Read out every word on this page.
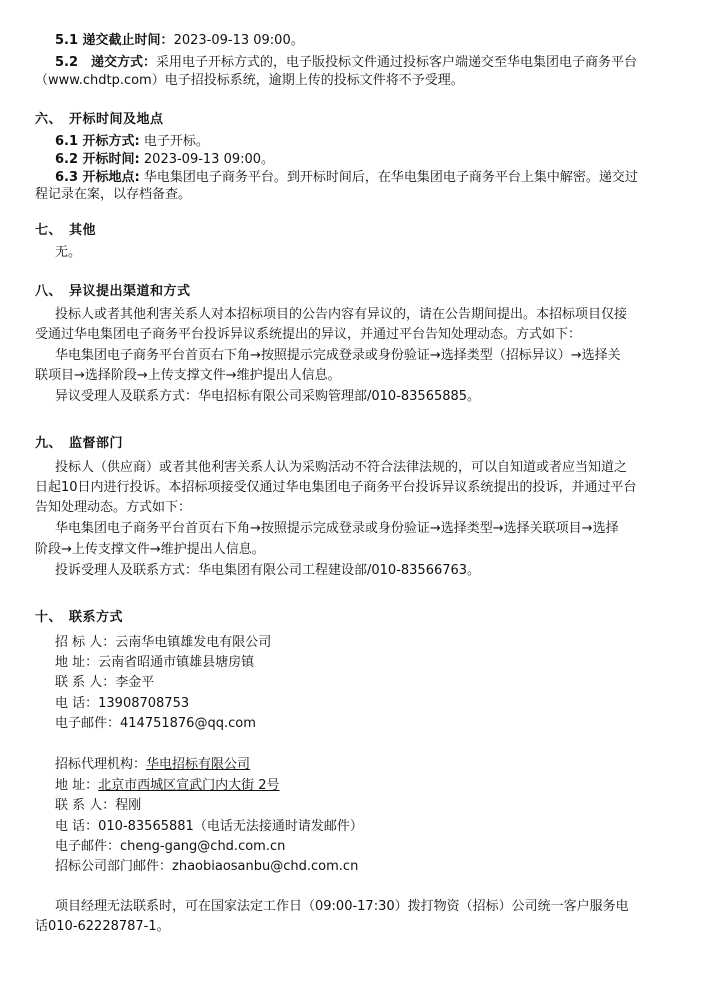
5.1 递交截止时间：2023-09-13 09:00。
5.2　递交方式：采用电子开标方式的，电子版投标文件通过投标客户端递交至华电集团电子商务平台
（www.chdtp.com）电子招投标系统，逾期上传的投标文件将不予受理。
六、　开标时间及地点
6.1 开标方式: 电子开标。
6.2 开标时间: 2023-09-13 09:00。
6.3 开标地点: 华电集团电子商务平台。到开标时间后，在华电集团电子商务平台上集中解密。递交过
程记录在案，以存档备查。
七、　其他
无。
八、　异议提出渠道和方式
投标人或者其他利害关系人对本招标项目的公告内容有异议的，请在公告期间提出。本招标项目仅接
受通过华电集团电子商务平台投诉异议系统提出的异议，并通过平台告知处理动态。方式如下：
华电集团电子商务平台首页右下角→按照提示完成登录或身份验证→选择类型（招标异议）→选择关
联项目→选择阶段→上传支撑文件→维护提出人信息。
异议受理人及联系方式：华电招标有限公司采购管理部/010-83565885。
九、　监督部门
投标人（供应商）或者其他利害关系人认为采购活动不符合法律法规的，可以自知道或者应当知道之
日起10日内进行投诉。本招标项接受仅通过华电集团电子商务平台投诉异议系统提出的投诉，并通过平台
告知处理动态。方式如下：
华电集团电子商务平台首页右下角→按照提示完成登录或身份验证→选择类型→选择关联项目→选择
阶段→上传支撑文件→维护提出人信息。
投诉受理人及联系方式：华电集团有限公司工程建设部/010-83566763。
十、　联系方式
招 标 人：云南华电镇雄发电有限公司
地 址：云南省昭通市镇雄县塘房镇
联 系 人：李金平
电 话：13908708753
电子邮件：414751876@qq.com
招标代理机构：华电招标有限公司
地 址：北京市西城区宣武门内大街 2号
联 系 人：程刚
电 话：010-83565881（电话无法接通时请发邮件）
电子邮件：cheng-gang@chd.com.cn
招标公司部门邮件：zhaobiaosanbu@chd.com.cn
项目经理无法联系时，可在国家法定工作日（09:00-17:30）拨打物资（招标）公司统一客户服务电
话010-62228787-1。
